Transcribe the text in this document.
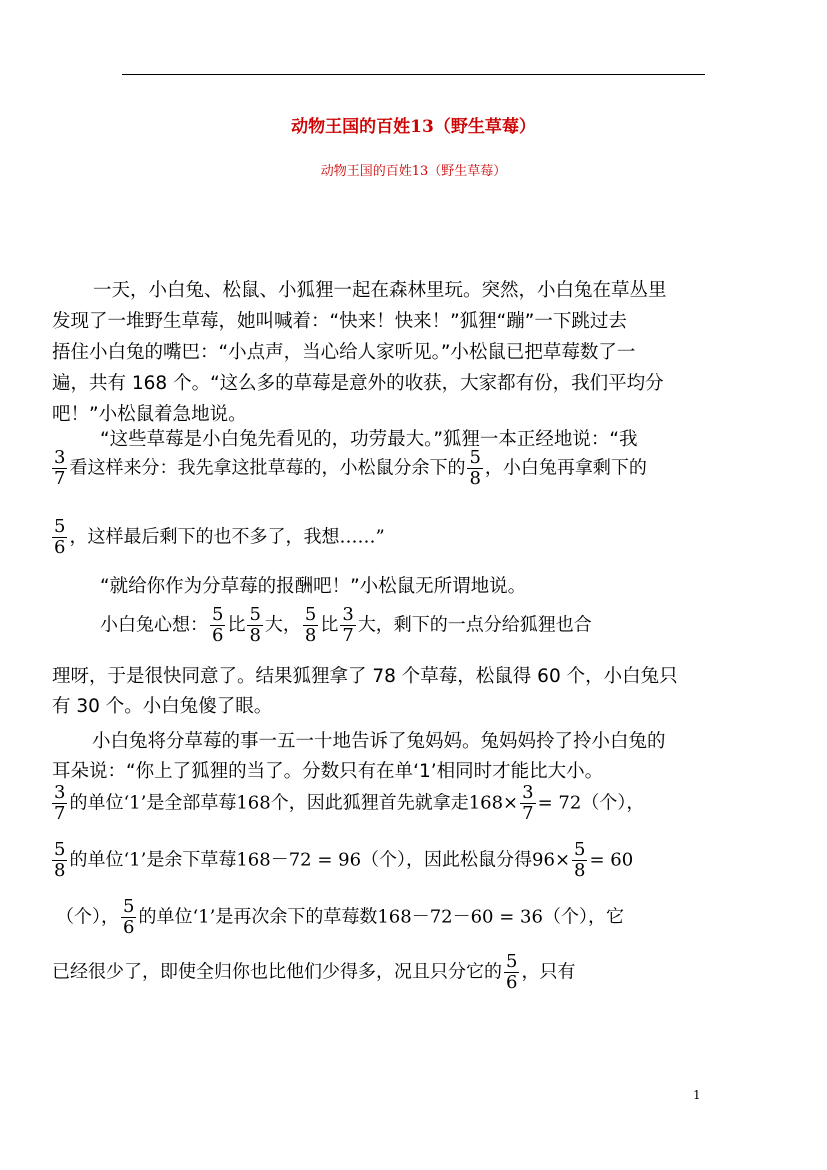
动物王国的百姓13（野生草莓）
动物王国的百姓13（野生草莓）
一天，小白兔、松鼠、小狐狸一起在森林里玩。突然，小白兔在草丛里
发现了一堆野生草莓，她叫喊着：“快来！快来！”狐狸“蹦”一下跳过去
捂住小白兔的嘴巴：“小点声，当心给人家听见。”小松鼠已把草莓数了一
遍，共有 168 个。“这么多的草莓是意外的收获，大家都有份，我们平均分
吧！”小松鼠着急地说。
“这些草莓是小白兔先看见的，功劳最大。”狐狸一本正经地说：“我
$\frac{3}{7}$ 看这样来分：我先拿这批草莓的，小松鼠分余下的 $\frac{5}{8}$ ，小白兔再拿剩下的
$\frac{5}{6}$ ，这样最后剩下的也不多了，我想……”
“就给你作为分草莓的报酬吧！”小松鼠无所谓地说。
小白兔心想： $\frac{5}{6}$ 比 $\frac{5}{8}$ 大， $\frac{5}{8}$ 比 $\frac{3}{7}$ 大，剩下的一点分给狐狸也合
理呀，于是很快同意了。结果狐狸拿了 78 个草莓，松鼠得 60 个，小白兔只
有 30 个。小白兔傻了眼。
小白兔将分草莓的事一五一十地告诉了兔妈妈。兔妈妈拎了拎小白兔的
耳朵说：“你上了狐狸的当了。分数只有在单‘1’相同时才能比大小。
$\frac{3}{7}$ 的单位‘1’是全部草莓168个，因此狐狸首先就拿走$168\times \frac{3}{7} = 72$（个），
$\frac{5}{8}$ 的单位‘1’是余下草莓168－72 = 96（个），因此松鼠分得$96\times \frac{5}{8} = 60$
（个）， $\frac{5}{6}$ 的单位‘1’是再次余下的草莓数168－72－60 = 36（个），它
已经很少了，即使全归你也比他们少得多，况且只分它的 $\frac{5}{6}$ ，只有
1
